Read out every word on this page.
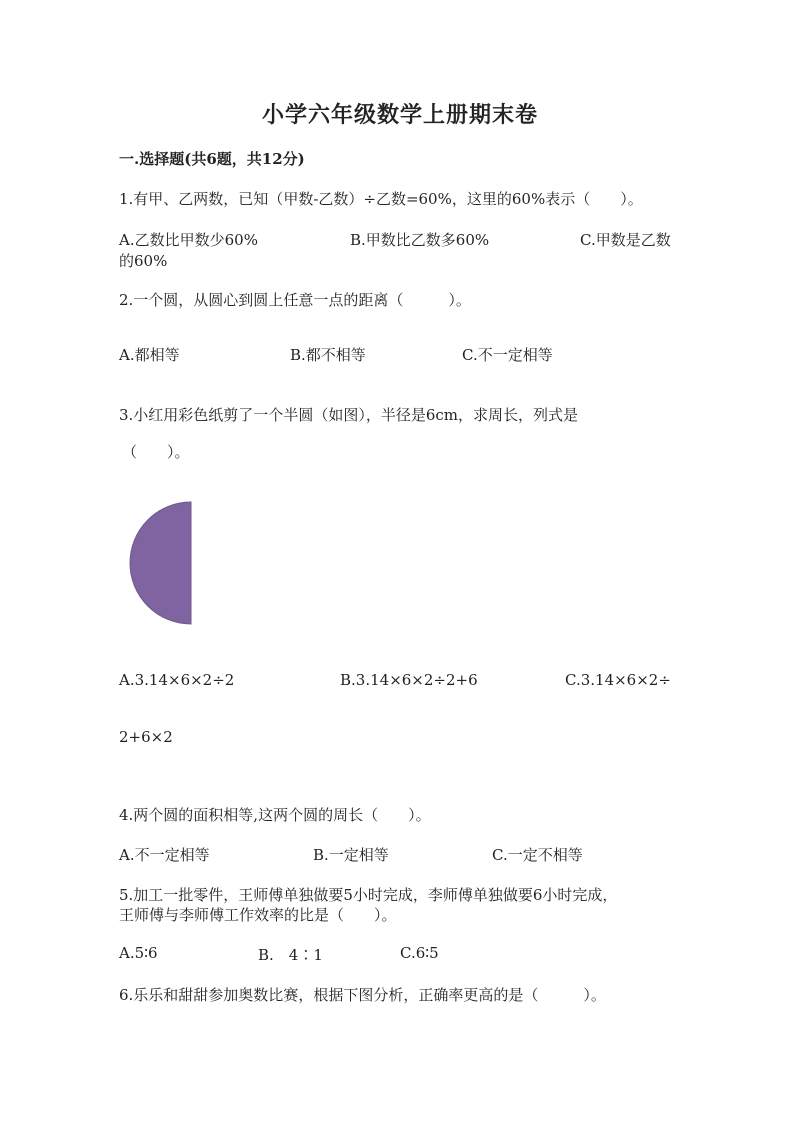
小学六年级数学上册期末卷
一.选择题(共6题，共12分)
1.有甲、乙两数，已知（甲数-乙数）÷乙数=60%，这里的60%表示（　　）。
A.乙数比甲数少60%	B.甲数比乙数多60%	C.甲数是乙数
的60%
2.一个圆，从圆心到圆上任意一点的距离（　　　）。
A.都相等	B.都不相等	C.不一定相等
3.小红用彩色纸剪了一个半圆（如图），半径是6cm，求周长，列式是
（　　）。
A.3.14×6×2÷2	B.3.14×6×2÷2+6	C.3.14×6×2÷
2+6×2
4.两个圆的面积相等,这两个圆的周长（　　）。
A.不一定相等	B.一定相等	C.一定不相等
5.加工一批零件，王师傅单独做要5小时完成，李师傅单独做要6小时完成，
王师傅与李师傅工作效率的比是（　　）。
A.5∶6	B.　4∶1	C.6∶5
6.乐乐和甜甜参加奥数比赛，根据下图分析，正确率更高的是（　　　）。
